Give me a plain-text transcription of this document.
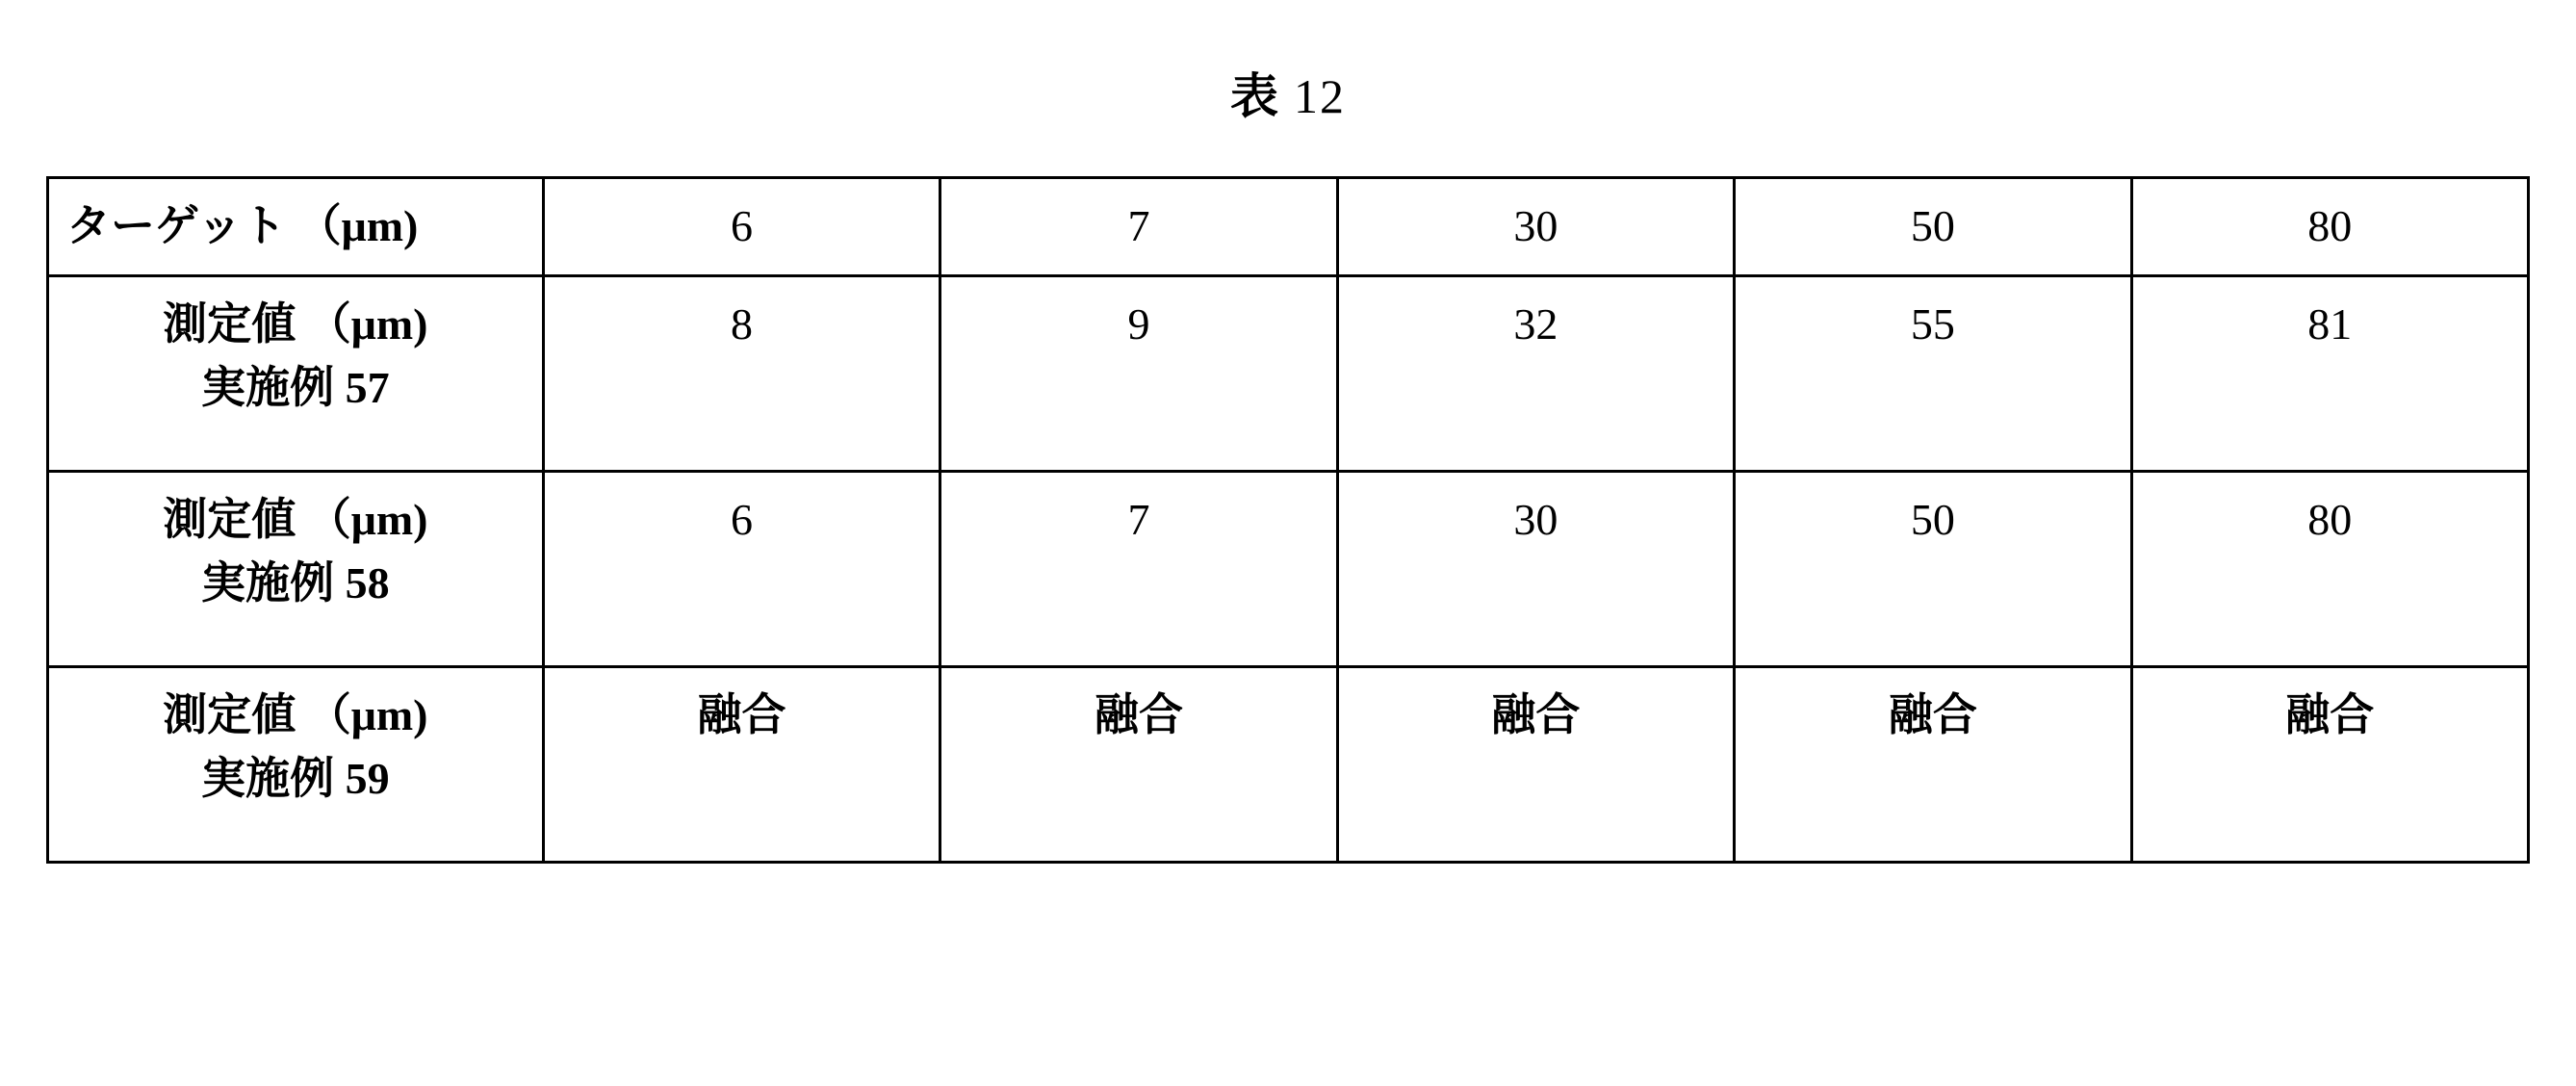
表 12
ターゲット （μm)	6	7	30	50	80

測定値 （μm)
実施例 57	8	9	32	55	81

測定値 （μm)
実施例 58	6	7	30	50	80

測定値 （μm)
実施例 59	融合	融合	融合	融合	融合
